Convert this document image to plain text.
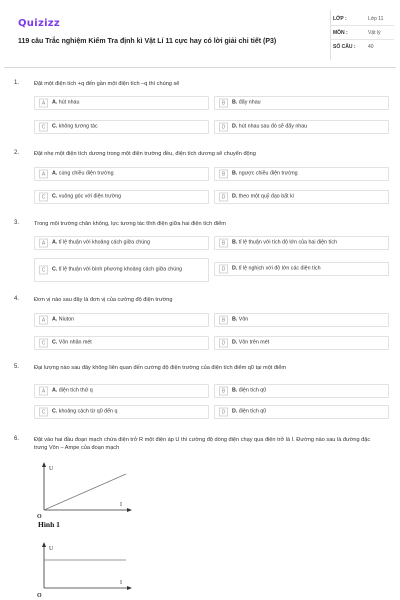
Quizizz
119 câu Trắc nghiệm Kiểm Tra định kì Vật Lí 11 cực hay có lời giải chi tiết (P3)
LỚP :	Lớp 11
MÔN :	Vật lý
SỐ CÂU :	40
1.	Đặt một điện tích +q đến gần một điện tích –q thì chúng sẽ
A	A. hút nhau	B	B. đẩy nhau
C	C. không tương tác	D	D. hút nhau sau đó sẽ đẩy nhau
2.	Đặt nhẹ một điện tích dương trong một điện trường đều, điện tích dương sẽ chuyển động
A	A. cùng chiều điện trường	B	B. ngược chiều điện trường
C	C. vuông góc với điện trường	D	D. theo một quỹ đạo bất kì
3.	Trong môi trường chân không, lực tương tác tĩnh điện giữa hai điện tích điểm
A	A. tỉ lệ thuận với khoảng cách giữa chúng	B	B. tỉ lệ thuận với tích độ lớn của hai điện tích
C	C. tỉ lệ thuận với bình phương khoảng cách giữa chúng	D	D. tỉ lệ nghịch với độ lớn các điện tích
4.	Đơn vị nào sau đây là đơn vị của cường độ điện trường
A	A. Niuton	B	B. Vôn
C	C. Vôn nhân mét	D	D. Vôn trên mét
5.	Đại lượng nào sau đây không liên quan đến cường độ điện trường của điện tích điểm q0 tại một điểm
A	A. điện tích thử q	B	B. điện tích q0
C	C. khoảng cách từ q0 đến q	D	D. điện tích q0
6.	Đặt vào hai đầu đoạn mạch chứa điện trở R một điện áp U thì cường độ dòng điện chạy qua điện trở là I. Đường nào sau là đường đặc trưng Vôn – Ampe của đoạn mạch
U
I
O
Hình 1
U
I
O
